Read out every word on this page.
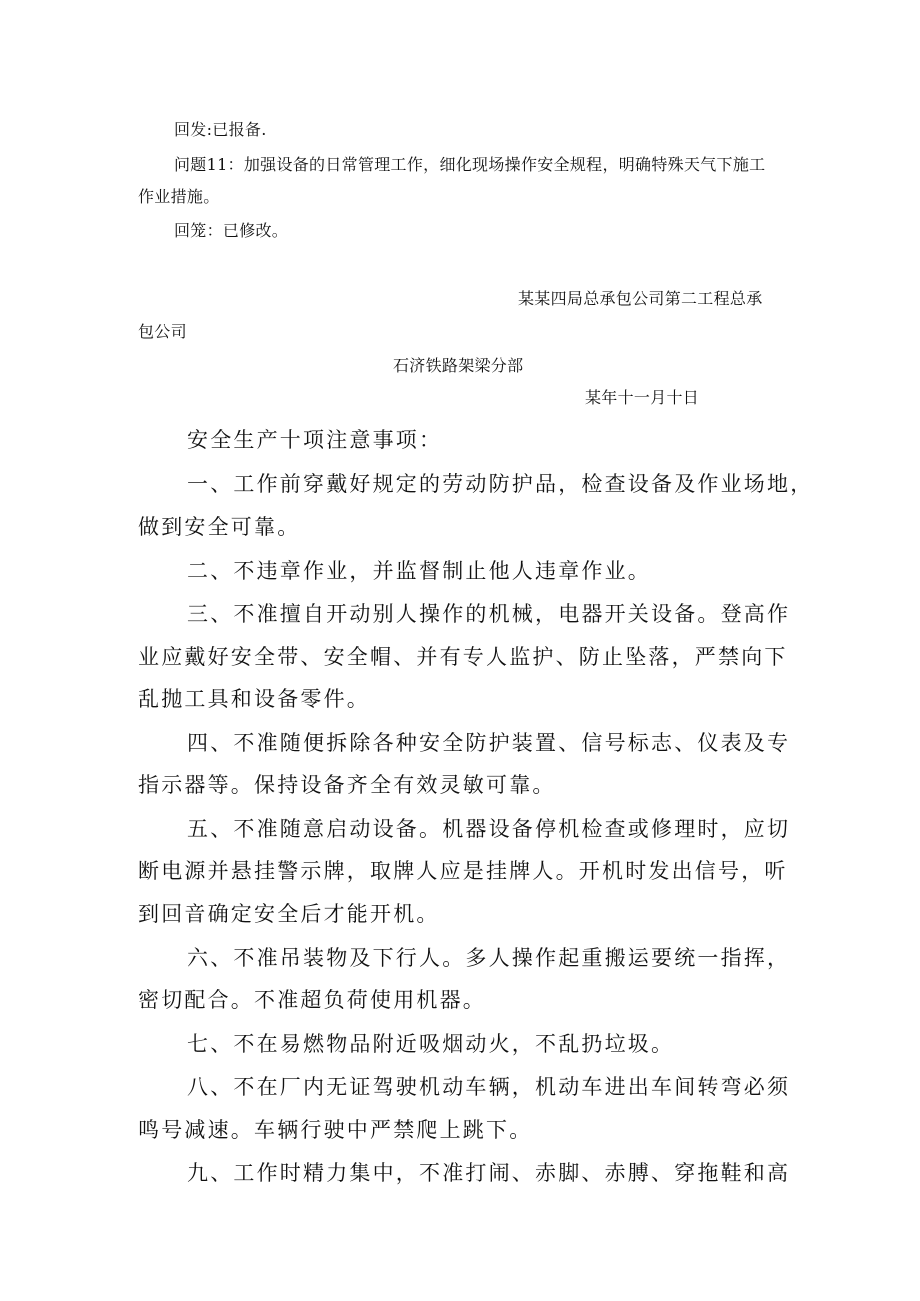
回发:已报备.
问题11：加强设备的日常管理工作，细化现场操作安全规程，明确特殊天气下施工
作业措施。
回笼：已修改。
某某四局总承包公司第二工程总承
包公司
石济铁路架梁分部
某年十一月十日
安全生产十项注意事项：
一、工作前穿戴好规定的劳动防护品，检查设备及作业场地，
做到安全可靠。
二、不违章作业，并监督制止他人违章作业。
三、不准擅自开动别人操作的机械，电器开关设备。登高作
业应戴好安全带、安全帽、并有专人监护、防止坠落，严禁向下
乱抛工具和设备零件。
四、不准随便拆除各种安全防护装置、信号标志、仪表及专
指示器等。保持设备齐全有效灵敏可靠。
五、不准随意启动设备。机器设备停机检查或修理时，应切
断电源并悬挂警示牌，取牌人应是挂牌人。开机时发出信号，听
到回音确定安全后才能开机。
六、不准吊装物及下行人。多人操作起重搬运要统一指挥，
密切配合。不准超负荷使用机器。
七、不在易燃物品附近吸烟动火，不乱扔垃圾。
八、不在厂内无证驾驶机动车辆，机动车进出车间转弯必须
鸣号减速。车辆行驶中严禁爬上跳下。
九、工作时精力集中，不准打闹、赤脚、赤膊、穿拖鞋和高
